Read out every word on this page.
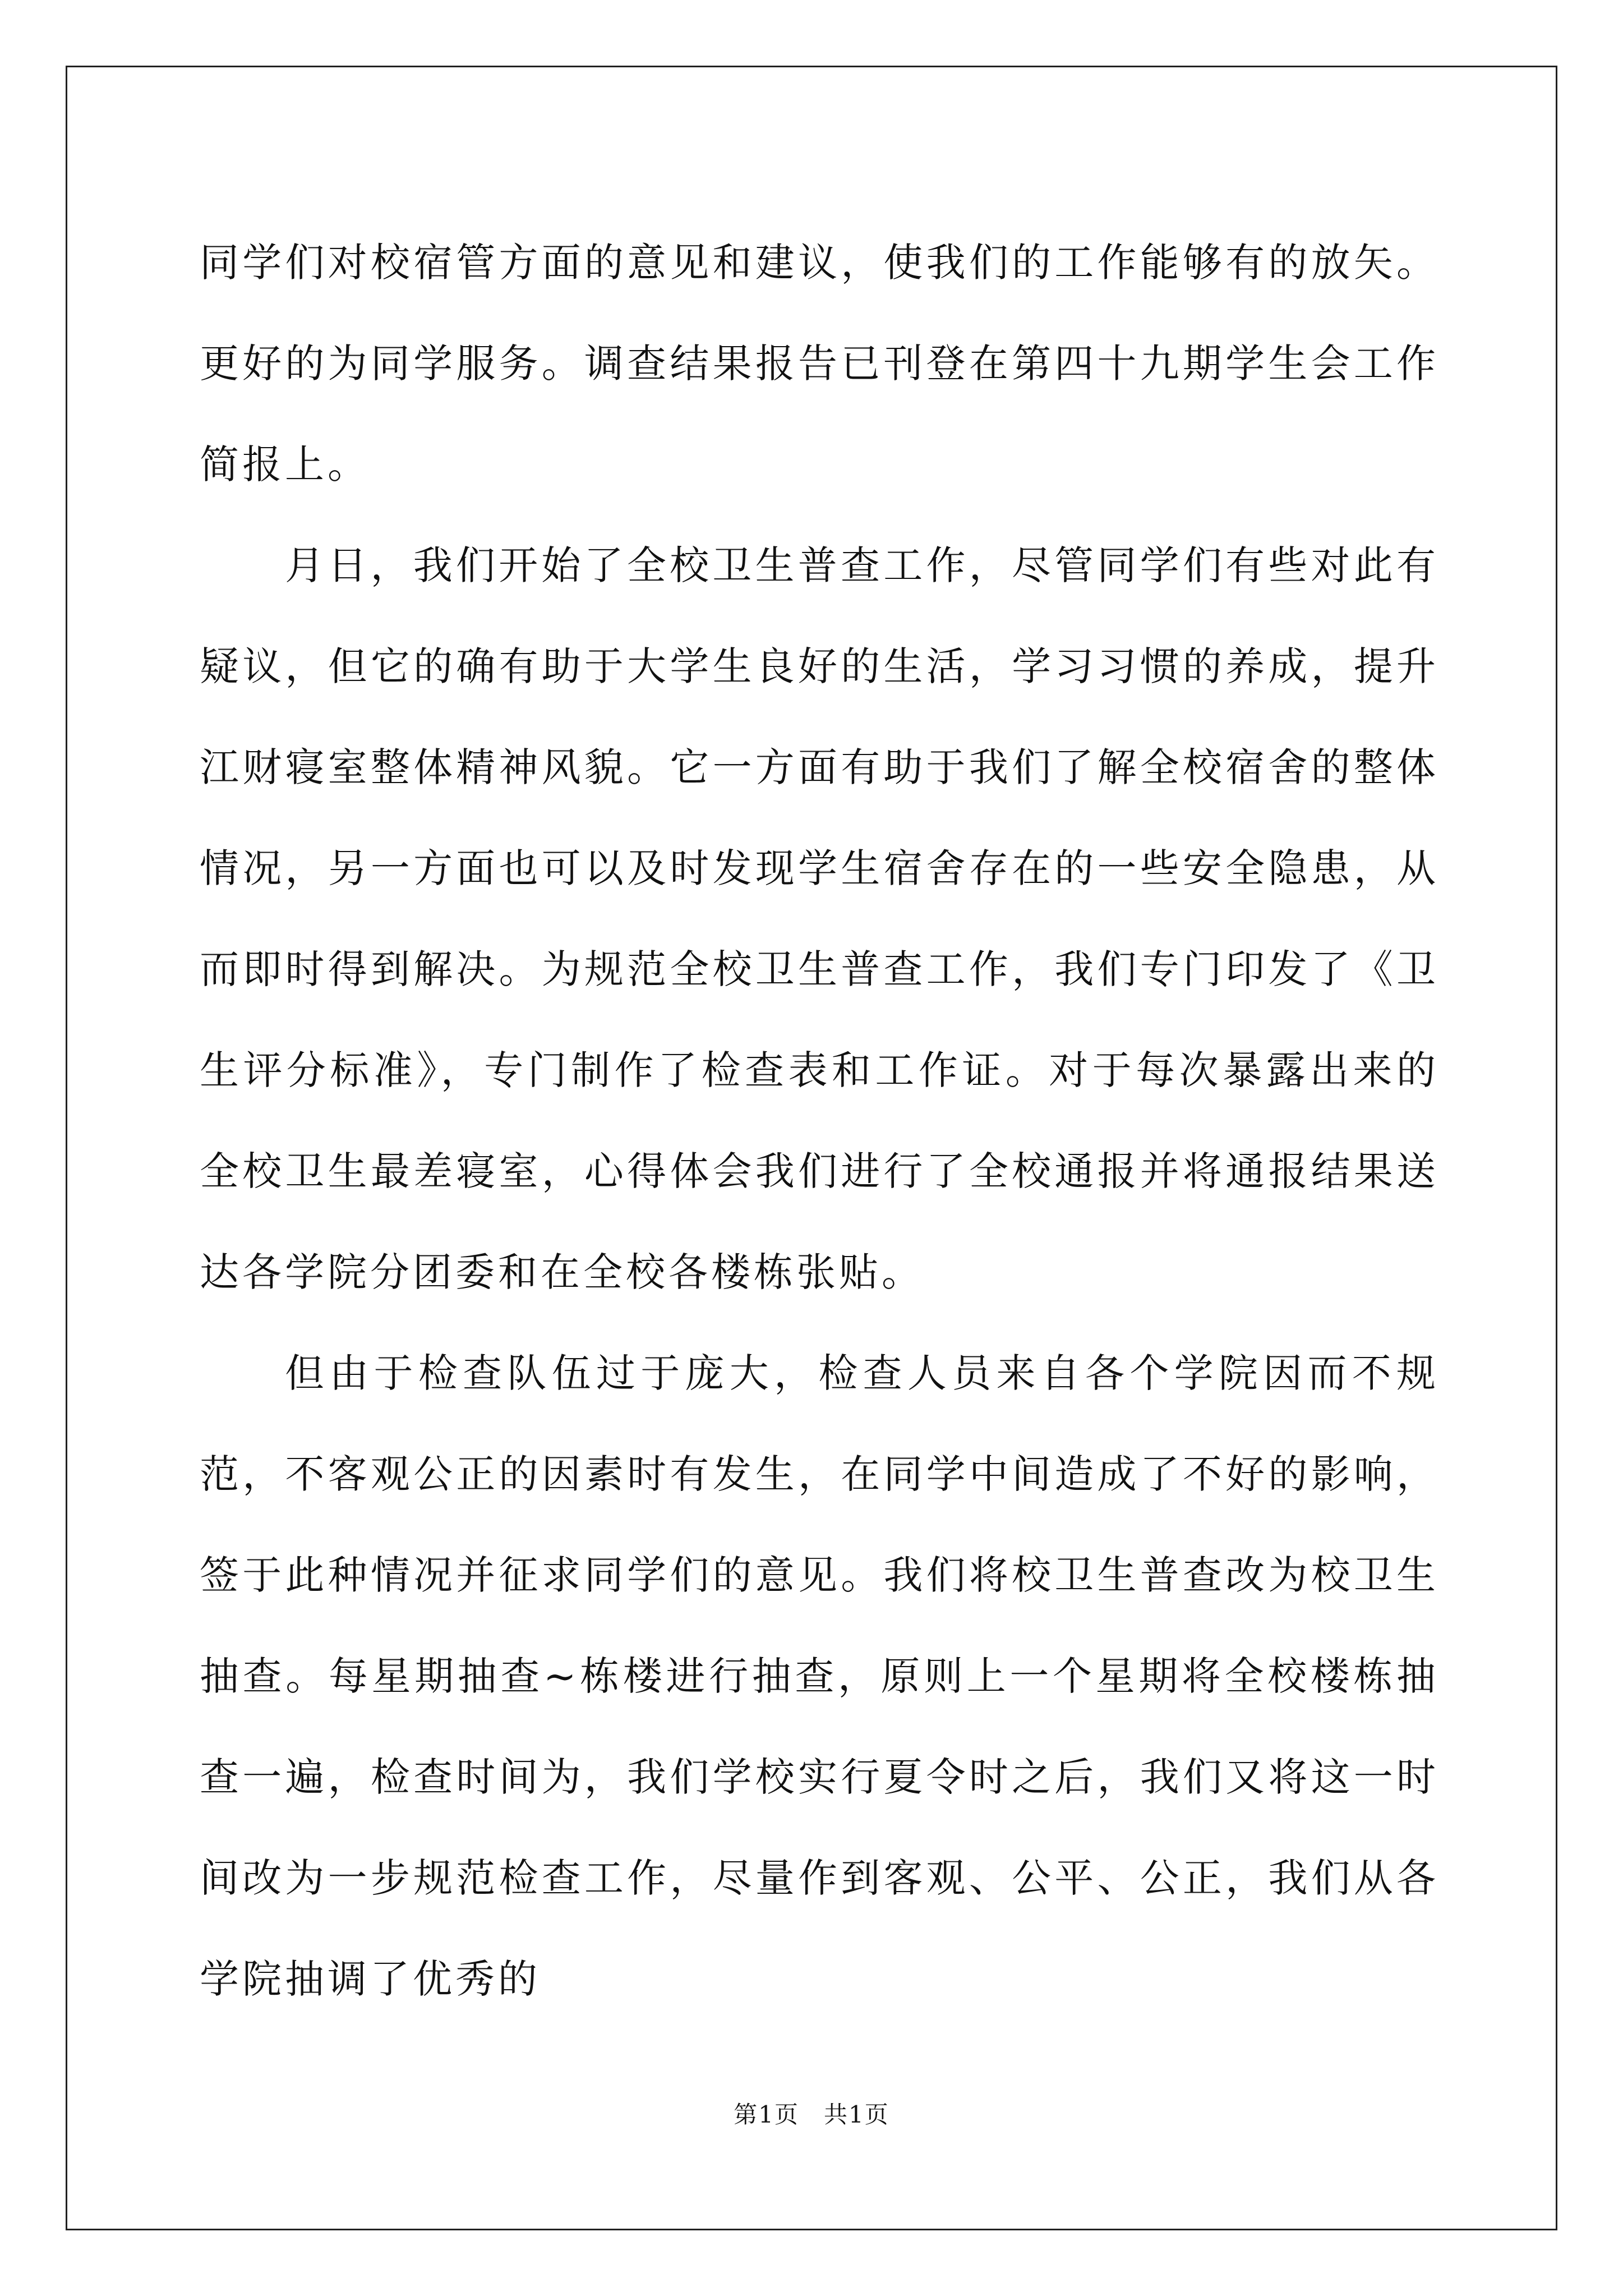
同学们对校宿管方面的意见和建议，使我们的工作能够有的放矢。更好的为同学服务。调查结果报告已刊登在第四十九期学生会工作简报上。

月日，我们开始了全校卫生普查工作，尽管同学们有些对此有疑议，但它的确有助于大学生良好的生活，学习习惯的养成，提升江财寝室整体精神风貌。它一方面有助于我们了解全校宿舍的整体情况，另一方面也可以及时发现学生宿舍存在的一些安全隐患，从而即时得到解决。为规范全校卫生普查工作，我们专门印发了《卫生评分标准》，专门制作了检查表和工作证。对于每次暴露出来的全校卫生最差寝室，心得体会我们进行了全校通报并将通报结果送达各学院分团委和在全校各楼栋张贴。

但由于检查队伍过于庞大，检查人员来自各个学院因而不规范，不客观公正的因素时有发生，在同学中间造成了不好的影响，签于此种情况并征求同学们的意见。我们将校卫生普查改为校卫生抽查。每星期抽查~栋楼进行抽查，原则上一个星期将全校楼栋抽查一遍，检查时间为，我们学校实行夏令时之后，我们又将这一时间改为一步规范检查工作，尽量作到客观、公平、公正，我们从各学院抽调了优秀的

第1页　共1页
